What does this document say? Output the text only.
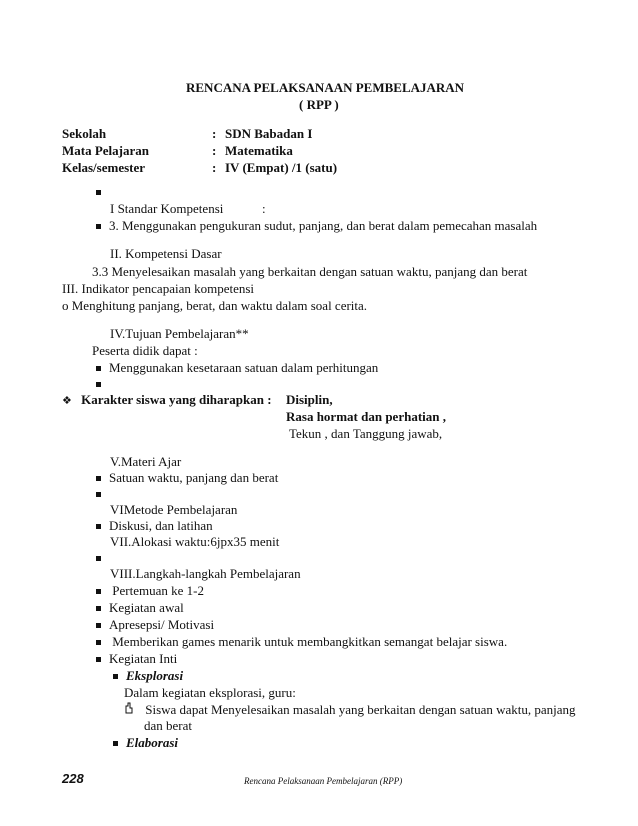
RENCANA PELAKSANAAN PEMBELAJARAN
( RPP )
Sekolah	: SDN Babadan I
Mata Pelajaran	: Matematika
Kelas/semester	: IV (Empat) /1 (satu)
I Standar Kompetensi	:
3. Menggunakan pengukuran sudut, panjang, dan berat dalam pemecahan masalah
II. Kompetensi Dasar
3.3 Menyelesaikan masalah yang berkaitan dengan satuan waktu, panjang dan berat
III. Indikator pencapaian kompetensi
o Menghitung panjang, berat, dan waktu dalam soal cerita.
IV.Tujuan Pembelajaran**
Peserta didik dapat :
Menggunakan kesetaraan satuan dalam perhitungan
❖ Karakter siswa yang diharapkan : Disiplin,
Rasa hormat dan perhatian ,
Tekun , dan Tanggung jawab,
V.Materi Ajar
Satuan waktu, panjang dan berat
VIMetode Pembelajaran
Diskusi, dan latihan
VII.Alokasi waktu:6jpx35 menit
VIII.Langkah-langkah Pembelajaran
Pertemuan ke 1-2
Kegiatan awal
Apresepsi/ Motivasi
Memberikan games menarik untuk membangkitkan semangat belajar siswa.
Kegiatan Inti
Eksplorasi
Dalam kegiatan eksplorasi, guru:
Siswa dapat Menyelesaikan masalah yang berkaitan dengan satuan waktu, panjang
dan berat
Elaborasi
228	Rencana Pelaksanaan Pembelajaran (RPP)
